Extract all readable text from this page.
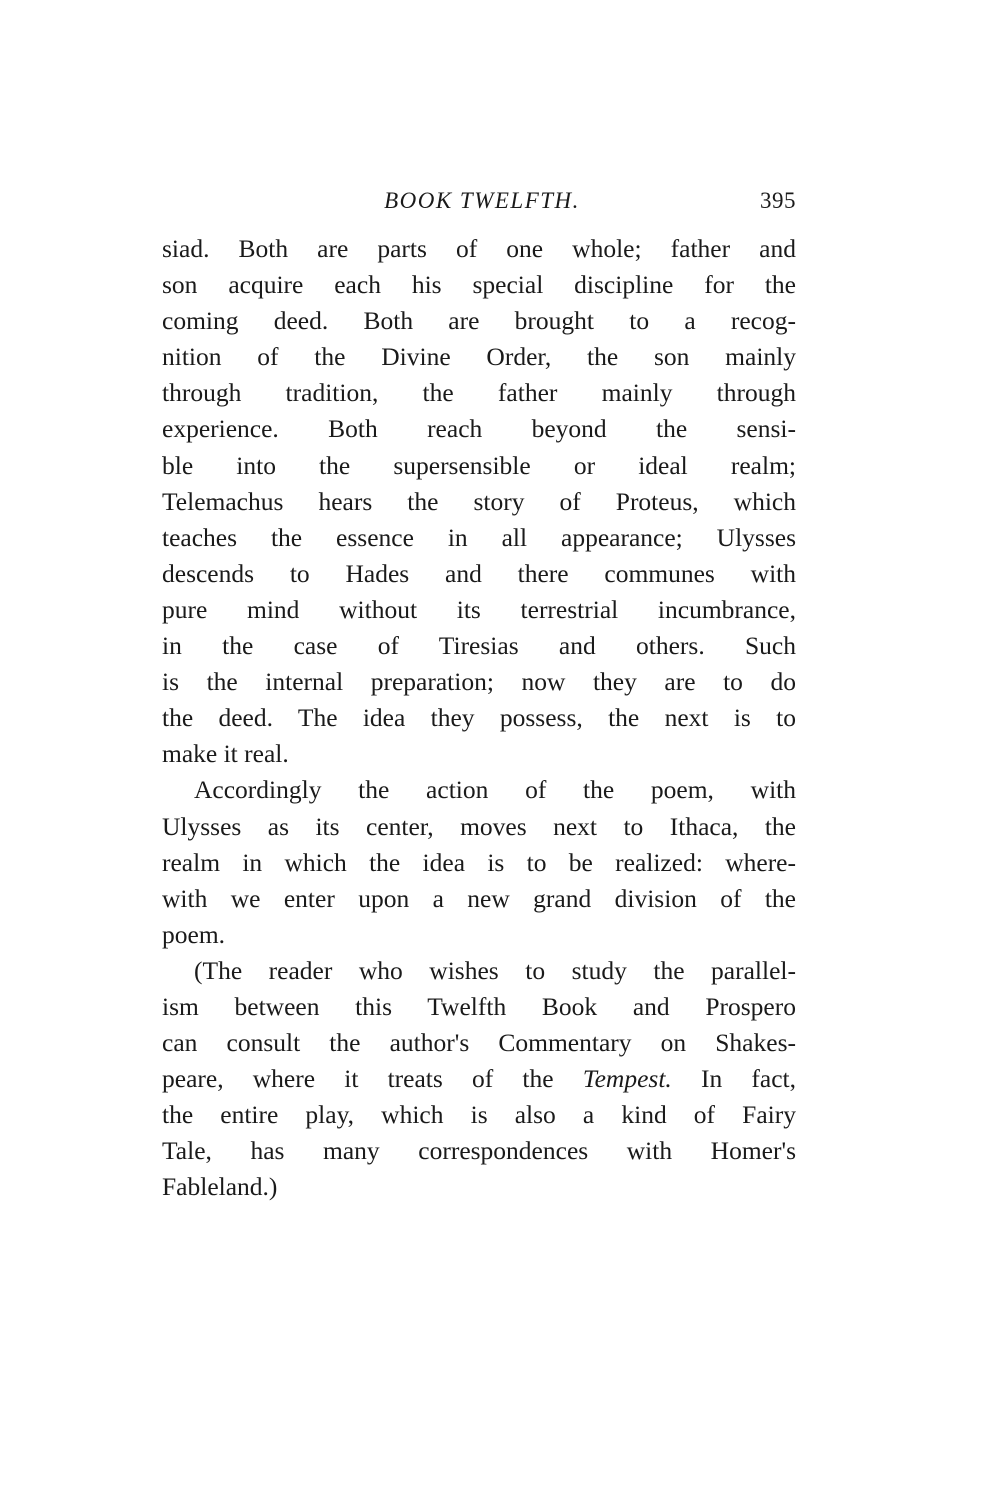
BOOK TWELFTH.	395
siad. Both are parts of one whole; father and
son acquire each his special discipline for the
coming deed. Both are brought to a recog-
nition of the Divine Order, the son mainly
through tradition, the father mainly through
experience. Both reach beyond the sensi-
ble into the supersensible or ideal realm;
Telemachus hears the story of Proteus, which
teaches the essence in all appearance; Ulysses
descends to Hades and there communes with
pure mind without its terrestrial incumbrance,
in the case of Tiresias and others. Such
is the internal preparation; now they are to do
the deed. The idea they possess, the next is to
make it real.
Accordingly the action of the poem, with
Ulysses as its center, moves next to Ithaca, the
realm in which the idea is to be realized: where-
with we enter upon a new grand division of the
poem.
(The reader who wishes to study the parallel-
ism between this Twelfth Book and Prospero
can consult the author's Commentary on Shakes-
peare, where it treats of the Tempest. In fact,
the entire play, which is also a kind of Fairy
Tale, has many correspondences with Homer's
Fableland.)
